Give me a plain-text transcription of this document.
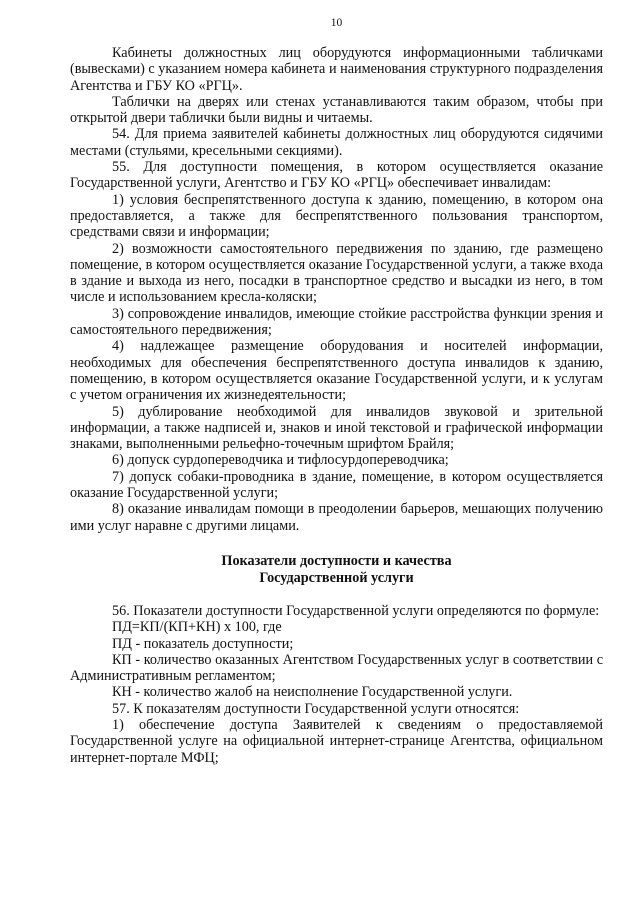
10

Кабинеты должностных лиц оборудуются информационными табличками (вывесками) с указанием номера кабинета и наименования структурного подразделения Агентства и ГБУ КО «РГЦ».

Таблички на дверях или стенах устанавливаются таким образом, чтобы при открытой двери таблички были видны и читаемы.

54. Для приема заявителей кабинеты должностных лиц оборудуются сидячими местами (стульями, кресельными секциями).

55. Для доступности помещения, в котором осуществляется оказание Государственной услуги, Агентство и ГБУ КО «РГЦ» обеспечивает инвалидам:

1) условия беспрепятственного доступа к зданию, помещению, в котором она предоставляется, а также для беспрепятственного пользования транспортом, средствами связи и информации;

2) возможности самостоятельного передвижения по зданию, где размещено помещение, в котором осуществляется оказание Государственной услуги, а также входа в здание и выхода из него, посадки в транспортное средство и высадки из него, в том числе и использованием кресла-коляски;

3) сопровождение инвалидов, имеющие стойкие расстройства функции зрения и самостоятельного передвижения;

4) надлежащее размещение оборудования и носителей информации, необходимых для обеспечения беспрепятственного доступа инвалидов к зданию, помещению, в котором осуществляется оказание Государственной услуги, и к услугам с учетом ограничения их жизнедеятельности;

5) дублирование необходимой для инвалидов звуковой и зрительной информации, а также надписей и, знаков и иной текстовой и графической информации знаками, выполненными рельефно-точечным шрифтом Брайля;

6) допуск сурдопереводчика и тифлосурдопереводчика;

7) допуск собаки-проводника в здание, помещение, в котором осуществляется оказание Государственной услуги;

8) оказание инвалидам помощи в преодолении барьеров, мешающих получению ими услуг наравне с другими лицами.

Показатели доступности и качества
Государственной услуги

56. Показатели доступности Государственной услуги определяются по формуле:

ПД=КП/(КП+КН) х 100, где

ПД - показатель доступности;

КП - количество оказанных Агентством Государственных услуг в соответствии с Административным регламентом;

КН - количество жалоб на неисполнение Государственной услуги.

57. К показателям доступности Государственной услуги относятся:

1) обеспечение доступа Заявителей к сведениям о предоставляемой Государственной услуге на официальной интернет-странице Агентства, официальном интернет-портале МФЦ;
